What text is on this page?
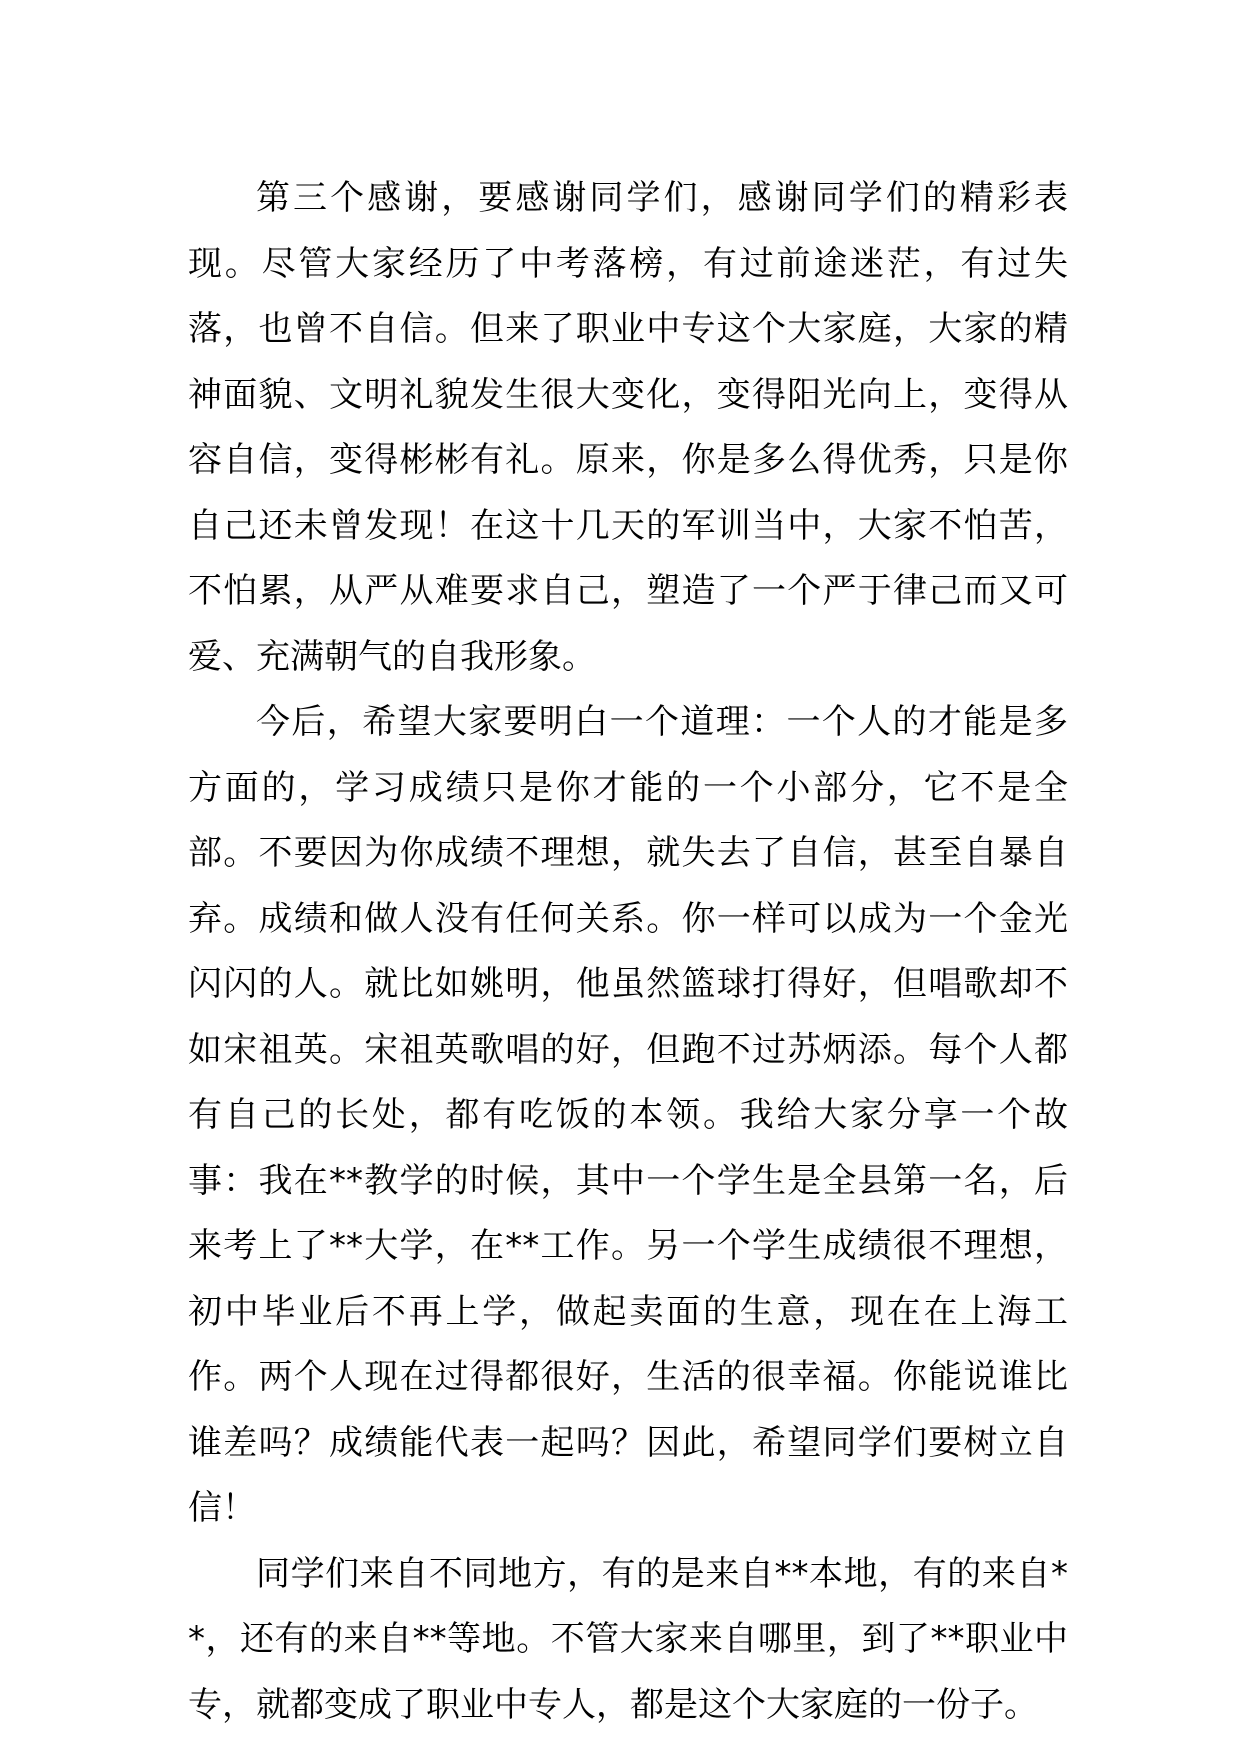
第三个感谢，要感谢同学们，感谢同学们的精彩表现。尽管大家经历了中考落榜，有过前途迷茫，有过失落，也曾不自信。但来了职业中专这个大家庭，大家的精神面貌、文明礼貌发生很大变化，变得阳光向上，变得从容自信，变得彬彬有礼。原来，你是多么得优秀，只是你自己还未曾发现！在这十几天的军训当中，大家不怕苦，不怕累，从严从难要求自己，塑造了一个严于律己而又可爱、充满朝气的自我形象。

今后，希望大家要明白一个道理：一个人的才能是多方面的，学习成绩只是你才能的一个小部分，它不是全部。不要因为你成绩不理想，就失去了自信，甚至自暴自弃。成绩和做人没有任何关系。你一样可以成为一个金光闪闪的人。就比如姚明，他虽然篮球打得好，但唱歌却不如宋祖英。宋祖英歌唱的好，但跑不过苏炳添。每个人都有自己的长处，都有吃饭的本领。我给大家分享一个故事：我在**教学的时候，其中一个学生是全县第一名，后来考上了**大学，在**工作。另一个学生成绩很不理想，初中毕业后不再上学，做起卖面的生意，现在在上海工作。两个人现在过得都很好，生活的很幸福。你能说谁比谁差吗？成绩能代表一起吗？因此，希望同学们要树立自信！

同学们来自不同地方，有的是来自**本地，有的来自**，还有的来自**等地。不管大家来自哪里，到了**职业中专，就都变成了职业中专人，都是这个大家庭的一份子。
